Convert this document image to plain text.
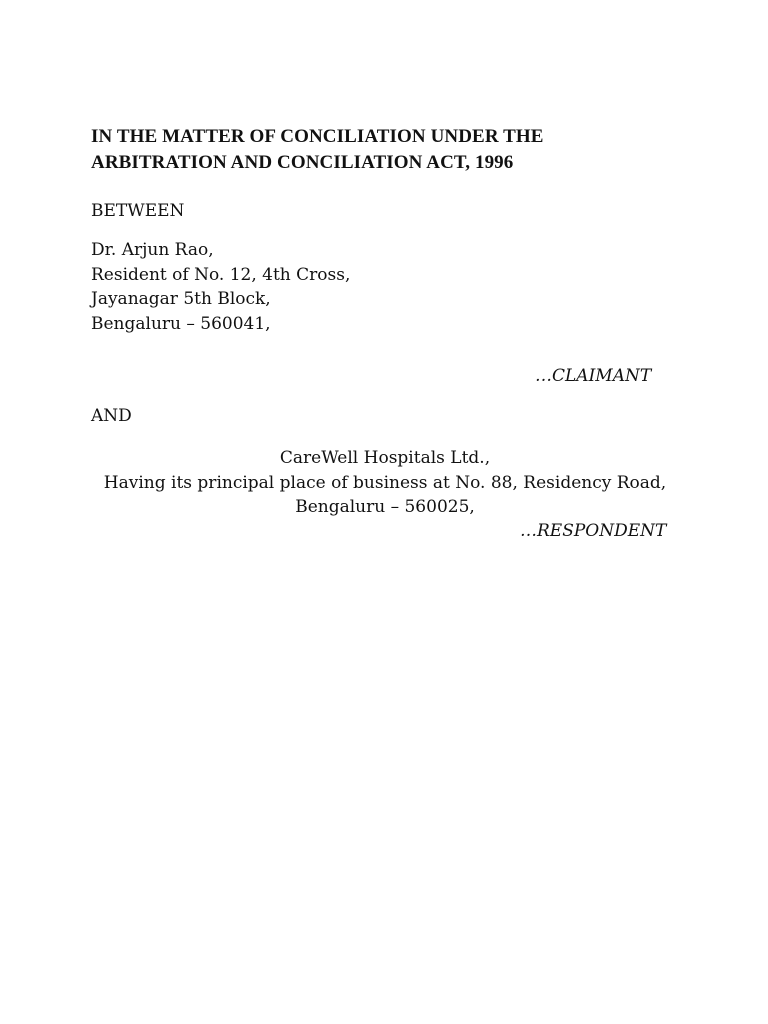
IN THE MATTER OF CONCILIATION UNDER THE
ARBITRATION AND CONCILIATION ACT, 1996
BETWEEN
Dr. Arjun Rao,
Resident of No. 12, 4th Cross,
Jayanagar 5th Block,
Bengaluru – 560041,
…CLAIMANT
AND
CareWell Hospitals Ltd.,
Having its principal place of business at No. 88, Residency Road,
Bengaluru – 560025,
…RESPONDENT
